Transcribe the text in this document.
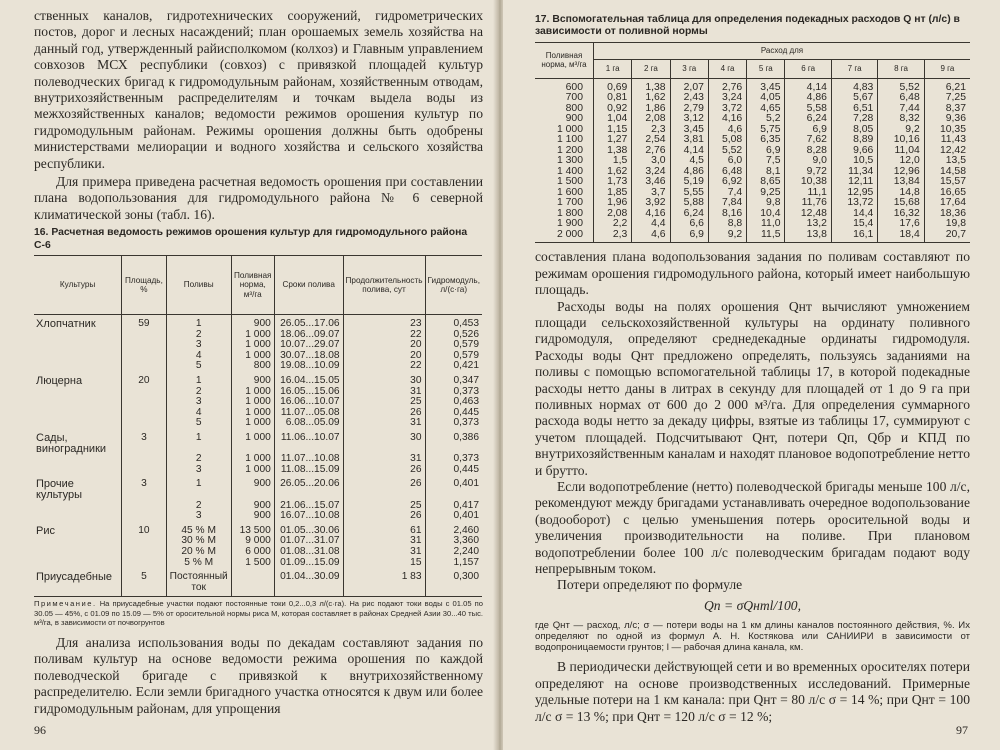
ственных каналов, гидротехнических сооружений, гидрометрических постов, дорог и лесных насаждений; план орошаемых земель хозяйства на данный год, утвержденный райисполкомом (колхоз) и Главным управлением совхозов МСХ республики (совхоз) с привязкой площадей культур полеводческих бригад к гидромодульным районам, хозяйственным отводам, внутрихозяйственным распределителям и точкам выдела воды из межхозяйственных каналов; ведомости режимов орошения культур по гидромодульным районам. Режимы орошения должны быть одобрены министерствами мелиорации и водного хозяйства и сельского хозяйства республики.

Для примера приведена расчетная ведомость орошения при составлении плана водопользования для гидромодульного района № 6 северной климатической зоны (табл. 16).

16. Расчетная ведомость режимов орошения культур для гидромодульного района С-6
Культуры	Площадь, %	Поливы	Поливная норма, м³/га	Сроки полива	Продолжительность полива, сут	Гидромодуль, л/(с·га)
Хлопчатник	59	1	900	26.05...17.06	23	0,453
		2	1 000	18.06...09.07	22	0,526
		3	1 000	10.07...29.07	20	0,579
		4	1 000	30.07...18.08	20	0,579
		5	800	19.08...10.09	22	0,421
Люцерна	20	1	900	16.04...15.05	30	0,347
		2	1 000	16.05...15.06	31	0,373
		3	1 000	16.06...10.07	25	0,463
		4	1 000	11.07...05.08	26	0,445
		5	1 000	6.08...05.09	31	0,373
Сады, виноградники	3	1	1 000	11.06...10.07	30	0,386
		2	1 000	11.07...10.08	31	0,373
		3	1 000	11.08...15.09	26	0,445
Прочие культуры	3	1	900	26.05...20.06	26	0,401
		2	900	21.06...15.07	25	0,417
		3	900	16.07...10.08	26	0,401
Рис	10	45 % М	13 500	01.05...30.06	61	2,460
		30 % М	9 000	01.07...31.07	31	3,360
		20 % М	6 000	01.08...31.08	31	2,240
		5 % М	1 500	01.09...15.09	15	1,157
Приусадебные	5	Постоянный ток		01.04...30.09	1 83	0,300
Примечание. На приусадебные участки подают постоянные токи 0,2...0,3 л/(с·га). На рис подают токи воды с 01.05 по 30.05 — 45%, с 01.09 по 15.09 — 5% от оросительной нормы риса М, которая составляет в районах Средней Азии 30...40 тыс. м³/га, в зависимости от почвогрунтов

Для анализа использования воды по декадам составляют задания по поливам культур на основе ведомости режима орошения по каждой полеводческой бригаде с привязкой к внутрихозяйственному распределителю. Если земли бригадного участка относятся к двум или более гидромодульным районам, для упрощения

96
17. Вспомогательная таблица для определения подекадных расходов Q нт (л/с) в зависимости от поливной нормы
Поливная норма, м³/га	Расход для								
	1 га	2 га	3 га	4 га	5 га	6 га	7 га	8 га	9 га
600	0,69	1,38	2,07	2,76	3,45	4,14	4,83	5,52	6,21
700	0,81	1,62	2,43	3,24	4,05	4,86	5,67	6,48	7,25
800	0,92	1,86	2,79	3,72	4,65	5,58	6,51	7,44	8,37
900	1,04	2,08	3,12	4,16	5,2	6,24	7,28	8,32	9,36
1 000	1,15	2,3	3,45	4,6	5,75	6,9	8,05	9,2	10,35
1 100	1,27	2,54	3,81	5,08	6,35	7,62	8,89	10,16	11,43
1 200	1,38	2,76	4,14	5,52	6,9	8,28	9,66	11,04	12,42
1 300	1,5	3,0	4,5	6,0	7,5	9,0	10,5	12,0	13,5
1 400	1,62	3,24	4,86	6,48	8,1	9,72	11,34	12,96	14,58
1 500	1,73	3,46	5,19	6,92	8,65	10,38	12,11	13,84	15,57
1 600	1,85	3,7	5,55	7,4	9,25	11,1	12,95	14,8	16,65
1 700	1,96	3,92	5,88	7,84	9,8	11,76	13,72	15,68	17,64
1 800	2,08	4,16	6,24	8,16	10,4	12,48	14,4	16,32	18,36
1 900	2,2	4,4	6,6	8,8	11,0	13,2	15,4	17,6	19,8
2 000	2,3	4,6	6,9	9,2	11,5	13,8	16,1	18,4	20,7

составления плана водопользования задания по поливам составляют по режимам орошения гидромодульного района, который имеет наибольшую площадь.

Расходы воды на полях орошения Qнт вычисляют умножением площади сельскохозяйственной культуры на ординату поливного гидромодуля, определяют среднедекадные ординаты гидромодуля. Расходы воды Qнт предложено определять, пользуясь заданиями на поливы с помощью вспомогательной таблицы 17, в которой подекадные расходы нетто даны в литрах в секунду для площадей от 1 до 9 га при поливных нормах от 600 до 2 000 м³/га. Для определения суммарного расхода воды нетто за декаду цифры, взятые из таблицы 17, суммируют с учетом площадей. Подсчитывают Qнт, потери Qп, Qбр и КПД по внутрихозяйственным каналам и находят плановое водопотребление нетто и брутто.

Если водопотребление (нетто) полеводческой бригады меньше 100 л/с, рекомендуют между бригадами устанавливать очередное водопользование (водооборот) с целью уменьшения потерь оросительной воды и увеличения производительности на поливе. При плановом водопотреблении более 100 л/с полеводческим бригадам подают воду непрерывным током.

Потери определяют по формуле

Qп = σQнтl/100,
где Qнт — расход, л/с; σ — потери воды на 1 км длины каналов постоянного действия, %. Их определяют по одной из формул А. Н. Костякова или САНИИРИ в зависимости от водопроницаемости грунтов; l — рабочая длина канала, км.

В периодически действующей сети и во временных оросителях потери определяют на основе производственных исследований. Примерные удельные потери на 1 км канала: при Qнт = 80 л/с σ = 14 %; при Qнт = 100 л/с σ = 13 %; при Qнт = 120 л/с σ = 12 %;

97
